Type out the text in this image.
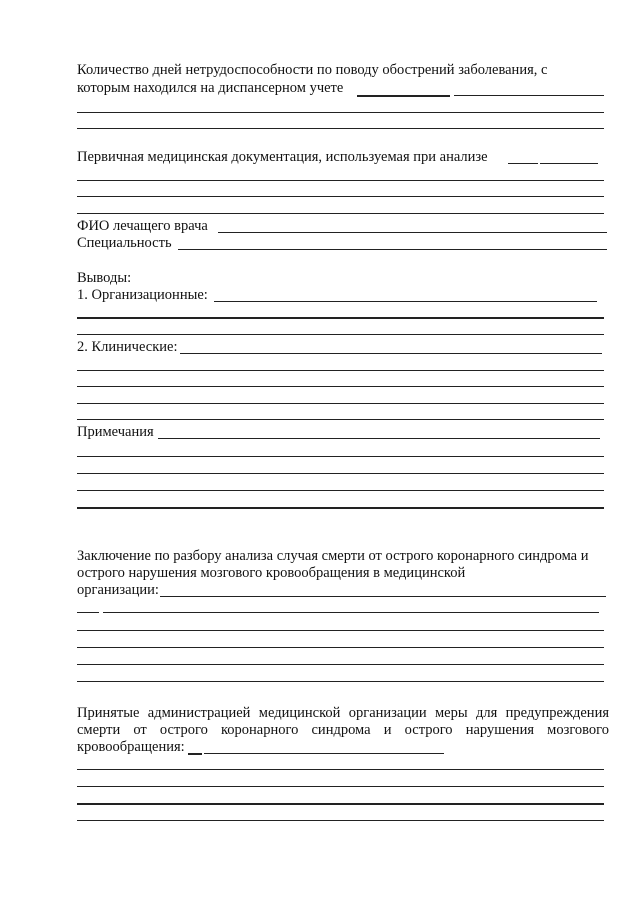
Количество дней нетрудоспособности по поводу обострений заболевания, с
которым находился на диспансерном учете
Первичная медицинская документация, используемая при анализе
ФИО лечащего врача
Специальность
Выводы:
1. Организационные:
2. Клинические:
Примечания
Заключение по разбору анализа случая смерти от острого коронарного синдрома и
острого нарушения мозгового кровообращения в медицинской
организации:
Принятые администрацией медицинской организации меры для предупреждения
смерти от острого коронарного синдрома и острого нарушения мозгового
кровообращения:
